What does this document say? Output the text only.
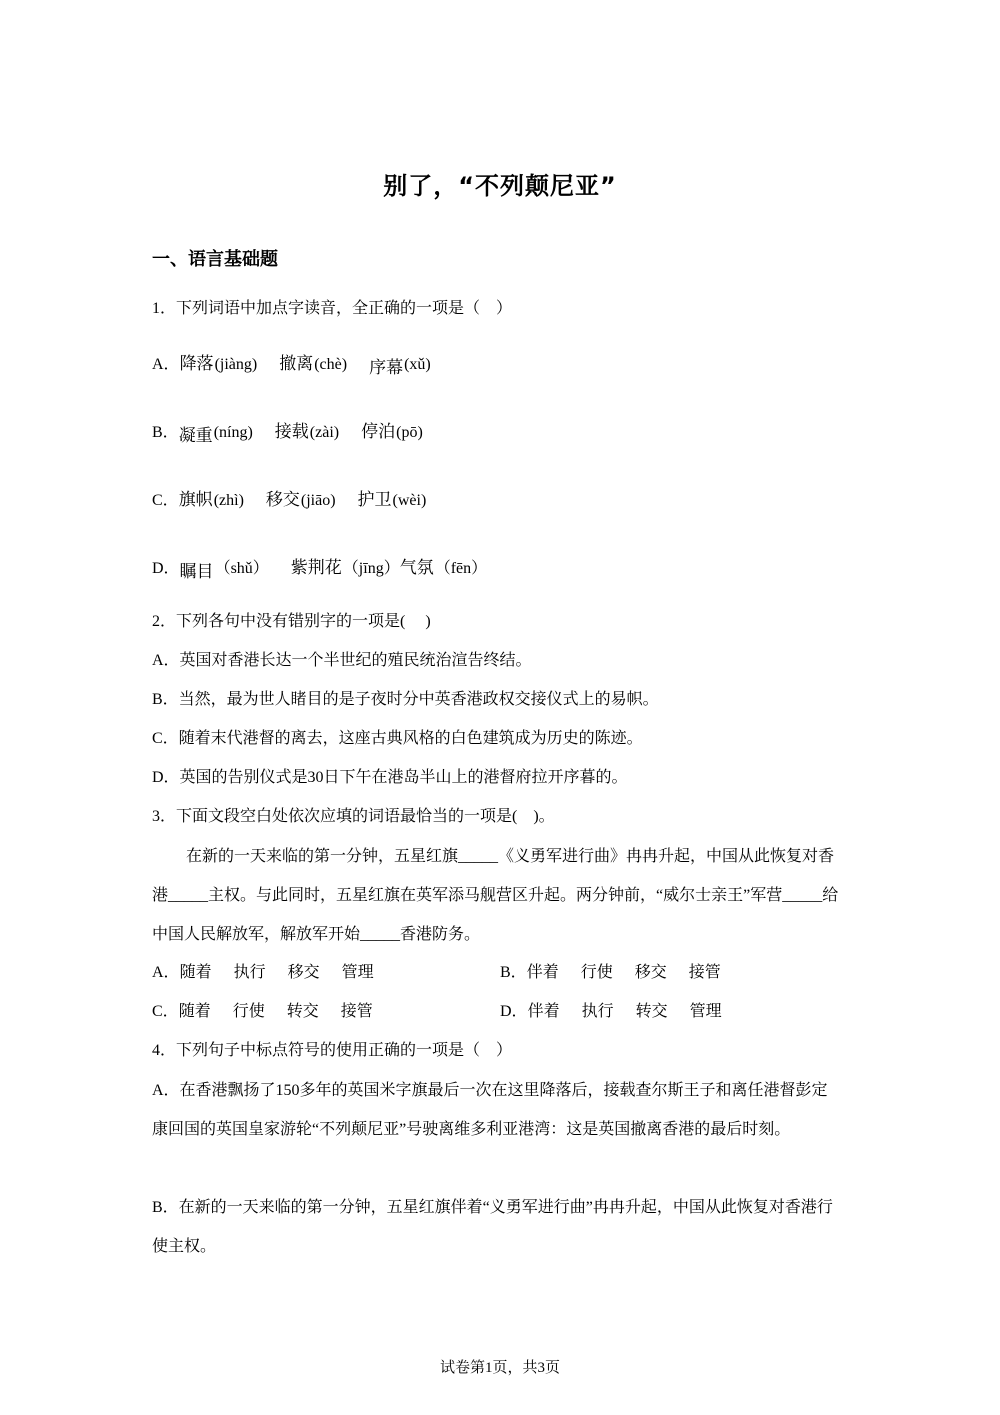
别了，“不列颠尼亚”
一、语言基础题
1．下列词语中加点字读音，全正确的一项是（　）
A．降落(jiàng) 撤离(chè) 序幕(xǔ)
B．凝重(níng) 接载(zài) 停泊(pō)
C．旗帜(zhì) 移交(jiāo) 护卫(wèi)
D．瞩目（shǔ） 紫荆花（jīng）气氛（fēn）
2．下列各句中没有错别字的一项是(　 )
A．英国对香港长达一个半世纪的殖民统治渲告终结。
B．当然，最为世人睹目的是子夜时分中英香港政权交接仪式上的易帜。
C．随着末代港督的离去，这座古典风格的白色建筑成为历史的陈迹。
D．英国的告别仪式是30日下午在港岛半山上的港督府拉开序暮的。
3．下面文段空白处依次应填的词语最恰当的一项是(　)。
在新的一天来临的第一分钟，五星红旗_____《义勇军进行曲》冉冉升起，中国从此恢复对香港_____主权。与此同时，五星红旗在英军添马舰营区升起。两分钟前，“威尔士亲王”军营_____给中国人民解放军，解放军开始_____香港防务。
A．随着 执行 移交 管理	B．伴着 行使 移交 接管
C．随着 行使 转交 接管	D．伴着 执行 转交 管理
4．下列句子中标点符号的使用正确的一项是（　）
A．在香港飘扬了150多年的英国米字旗最后一次在这里降落后，接载查尔斯王子和离任港督彭定康回国的英国皇家游轮“不列颠尼亚”号驶离维多利亚港湾：这是英国撤离香港的最后时刻。
B．在新的一天来临的第一分钟，五星红旗伴着“义勇军进行曲”冉冉升起，中国从此恢复对香港行使主权。
试卷第1页，共3页
